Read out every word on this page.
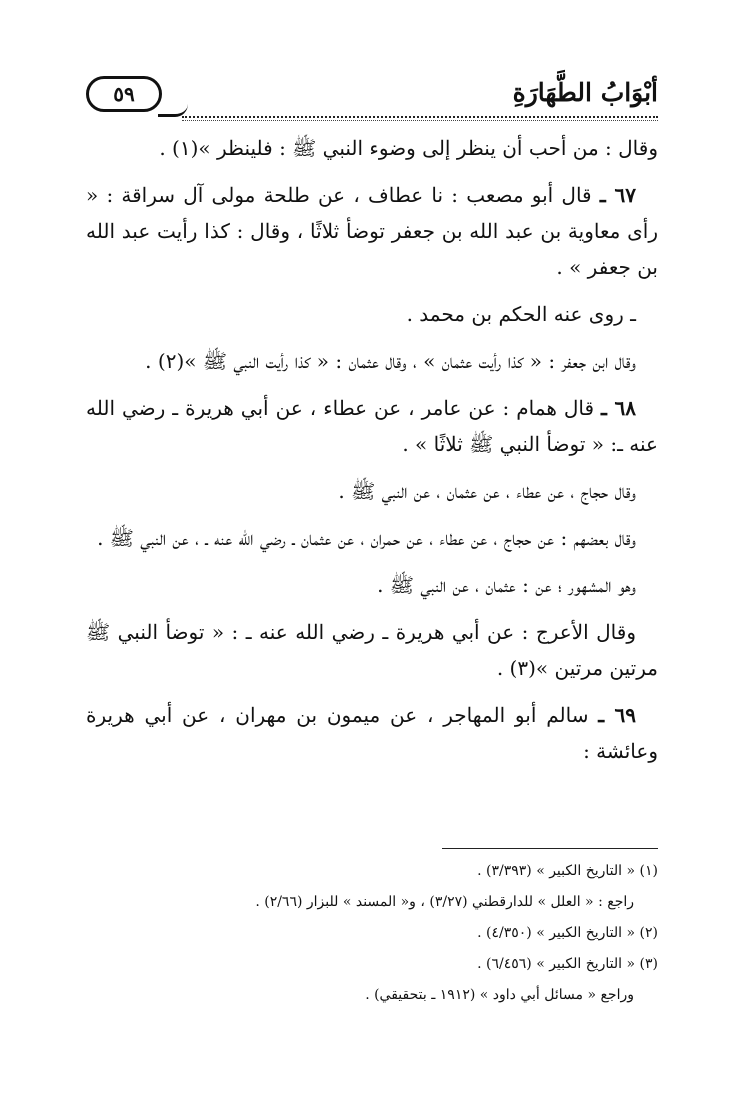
أبْوَابُ الطَّهَارَةِ
٥٩

وقال : من أحب أن ينظر إلى وضوء النبي ﷺ : فلينظر »(١) .

٦٧ ـ قال أبو مصعب : نا عطاف ، عن طلحة مولى آل سراقة : « رأى معاوية بن عبد الله بن جعفر توضأ ثلاثًا ، وقال : كذا رأيت عبد الله بن جعفر » .

ـ روى عنه الحكم بن محمد .

وقال ابن جعفر : « كذا رأيت عثمان » ، وقال عثمان : « كذا رأيت النبي ﷺ »(٢) .

٦٨ ـ قال همام : عن عامر ، عن عطاء ، عن أبي هريرة ـ رضي الله عنه ـ: « توضأ النبي ﷺ ثلاثًا » .

وقال حجاج ، عن عطاء ، عن عثمان ، عن النبي ﷺ .

وقال بعضهم : عن حجاج ، عن عطاء ، عن حمران ، عن عثمان ـ رضي الله عنه ـ ، عن النبي ﷺ .

وهو المشهور ؛ عن : عثمان ، عن النبي ﷺ .

وقال الأعرج : عن أبي هريرة ـ رضي الله عنه ـ : « توضأ النبي ﷺ مرتين مرتين »(٣) .

٦٩ ـ سالم أبو المهاجر ، عن ميمون بن مهران ، عن أبي هريرة وعائشة :

(١) « التاريخ الكبير » (٣/٣٩٣) .

راجع : « العلل » للدارقطني (٣/٢٧) ، و« المسند » للبزار (٢/٦٦) .

(٢) « التاريخ الكبير » (٤/٣٥٠) .

(٣) « التاريخ الكبير » (٦/٤٥٦) .

وراجع « مسائل أبي داود » (١٩١٢ ـ بتحقيقي) .
